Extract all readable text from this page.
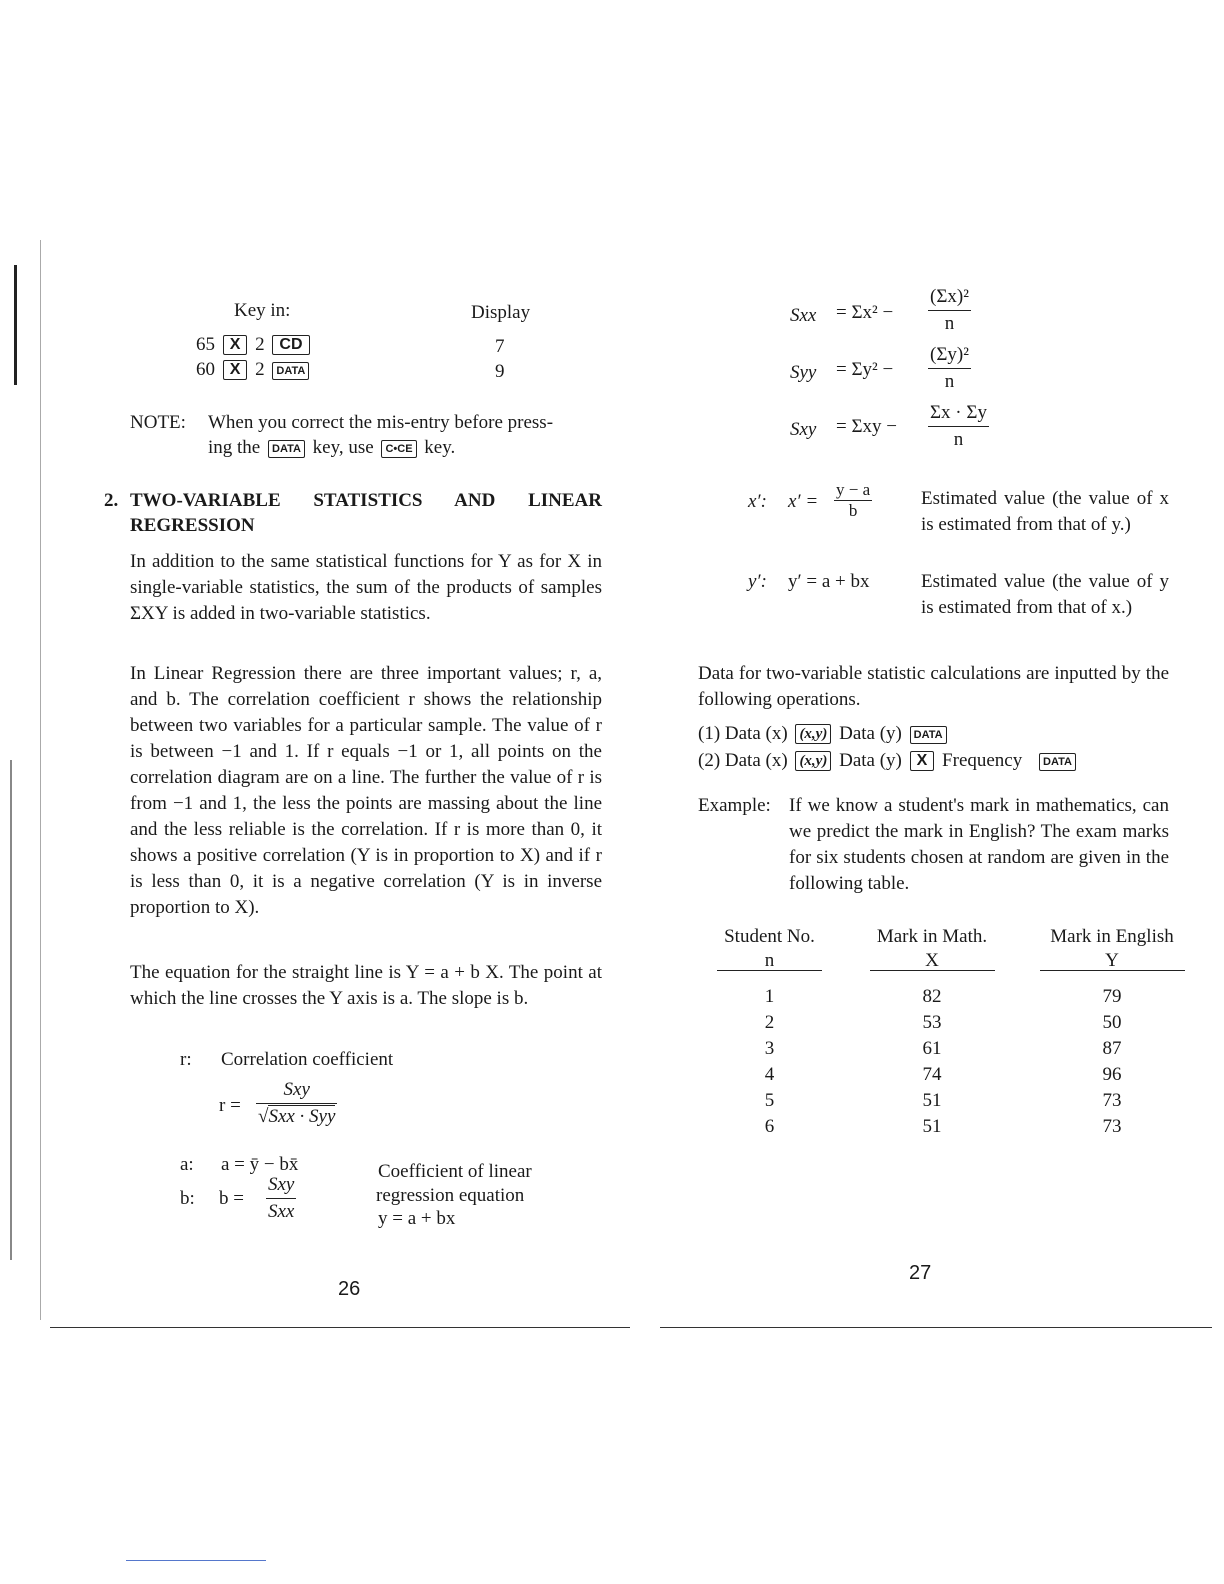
Key in:	Display
65 X 2 CD	7
60 X 2 DATA	9
NOTE: When you correct the mis-entry before press-
ing the DATA key, use C•CE key.
2. TWO-VARIABLE STATISTICS AND LINEAR
REGRESSION
In addition to the same statistical functions for Y as for X in single-variable statistics, the sum of the products of samples ΣXY is added in two-variable statistics.
In Linear Regression there are three important values; r, a, and b. The correlation coefficient r shows the relationship between two variables for a particular sample. The value of r is between −1 and 1. If r equals −1 or 1, all points on the correlation diagram are on a line. The further the value of r is from −1 and 1, the less the points are massing about the line and the less reliable is the correlation. If r is more than 0, it shows a positive correlation (Y is in proportion to X) and if r is less than 0, it is a negative correlation (Y is in inverse proportion to X).
The equation for the straight line is Y = a + b X. The point at which the line crosses the Y axis is a. The slope is b.
r: Correlation coefficient
$r = \frac{\text{Sxy}}{\text{√Sxx · Syy}}$
a: a = ȳ − bx̄
b: $b = \frac{\text{Sxy}}{\text{Sxx}}$
Coefficient of linear
regression equation
y = a + bx
26
Sxx = $\Sigma x^2 - \frac{\text{(Σx)²}}{n}$
Syy = $\Sigma y^2 - \frac{\text{(Σy)²}}{n}$
Sxy = $\Sigma xy - \frac{\Sigma x \cdot \Sigma y}{n}$
x′: $x' = \frac{y - a}{b}$	Estimated value (the value of x is estimated from that of y.)
y′: y′ = a + bx	Estimated value (the value of y is estimated from that of x.)
Data for two-variable statistic calculations are inputted by the following operations.
(1) Data (x) (x,y) Data (y) DATA
(2) Data (x) (x,y) Data (y) X Frequency DATA
Example: If we know a student's mark in mathematics, can we predict the mark in English? The exam marks for six students chosen at random are given in the following table.
Student No.	Mark in Math.	Mark in English
n	X	Y

1	82	79
2	53	50
3	61	87
4	74	96
5	51	73
6	51	73
27
